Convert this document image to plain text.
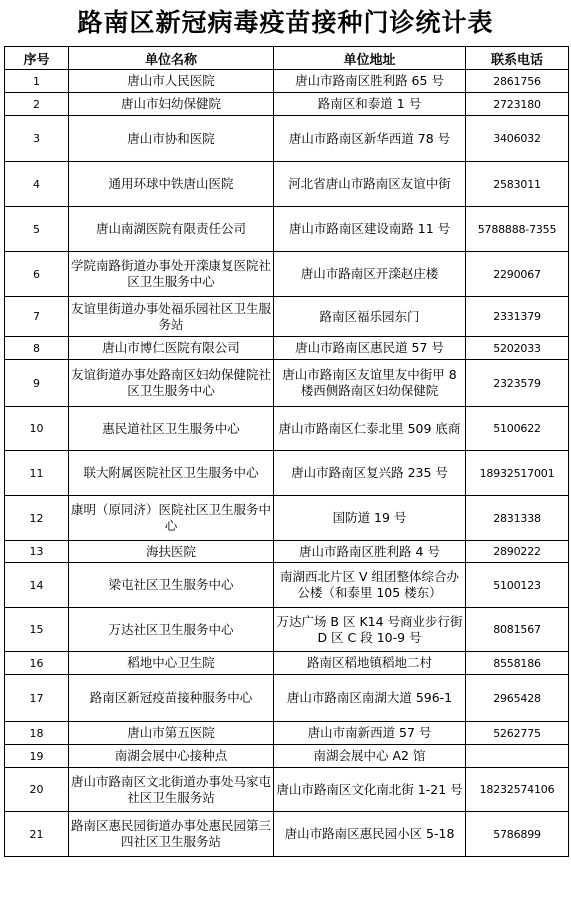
路南区新冠病毒疫苗接种门诊统计表
序号	单位名称	单位地址	联系电话
1	唐山市人民医院	唐山市路南区胜利路 65 号	2861756
2	唐山市妇幼保健院	路南区和泰道 1 号	2723180
3	唐山市协和医院	唐山市路南区新华西道 78 号	3406032
4	通用环球中铁唐山医院	河北省唐山市路南区友谊中街	2583011
5	唐山南湖医院有限责任公司	唐山市路南区建设南路 11 号	5788888-7355
6	学院南路街道办事处开滦康复医院社区卫生服务中心	唐山市路南区开滦赵庄楼	2290067
7	友谊里街道办事处福乐园社区卫生服务站	路南区福乐园东门	2331379
8	唐山市博仁医院有限公司	唐山市路南区惠民道 57 号	5202033
9	友谊街道办事处路南区妇幼保健院社区卫生服务中心	唐山市路南区友谊里友中街甲 8 楼西侧路南区妇幼保健院	2323579
10	惠民道社区卫生服务中心	唐山市路南区仁泰北里 509 底商	5100622
11	联大附属医院社区卫生服务中心	唐山市路南区复兴路 235 号	18932517001
12	康明（原同济）医院社区卫生服务中心	国防道 19 号	2831338
13	海扶医院	唐山市路南区胜利路 4 号	2890222
14	梁屯社区卫生服务中心	南湖西北片区 V 组团整体综合办公楼（和泰里 105 楼东）	5100123
15	万达社区卫生服务中心	万达广场 B 区 K14 号商业步行街 D 区 C 段 10-9 号	8081567
16	稻地中心卫生院	路南区稻地镇稻地二村	8558186
17	路南区新冠疫苗接种服务中心	唐山市路南区南湖大道 596-1	2965428
18	唐山市第五医院	唐山市南新西道 57 号	5262775
19	南湖会展中心接种点	南湖会展中心 A2 馆	
20	唐山市路南区文北街道办事处马家屯社区卫生服务站	唐山市路南区文化南北街 1-21 号	18232574106
21	路南区惠民园街道办事处惠民园第三四社区卫生服务站	唐山市路南区惠民园小区 5-18	5786899
